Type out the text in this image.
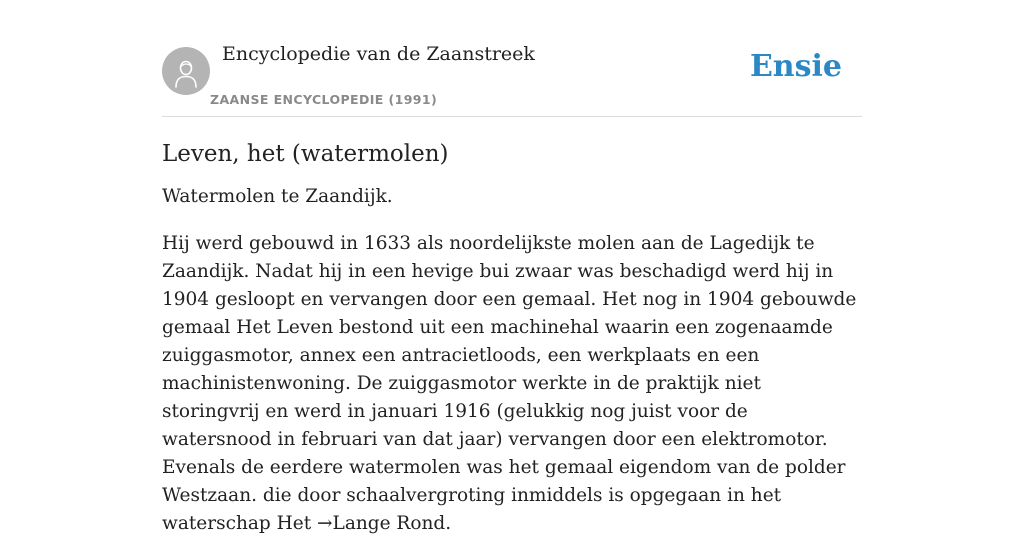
Encyclopedie van de Zaanstreek
ZAANSE ENCYCLOPEDIE (1991)
Ensie
Leven, het (watermolen)

Watermolen te Zaandijk.

Hij werd gebouwd in 1633 als noordelijkste molen aan de Lagedijk te Zaandijk. Nadat hij in een hevige bui zwaar was beschadigd werd hij in 1904 gesloopt en vervangen door een gemaal. Het nog in 1904 gebouwde gemaal Het Leven bestond uit een machinehal waarin een zogenaamde zuiggasmotor, annex een antracietloods, een werkplaats en een machinistenwoning. De zuiggasmotor werkte in de praktijk niet storingvrij en werd in januari 1916 (gelukkig nog juist voor de watersnood in februari van dat jaar) vervangen door een elektromotor. Evenals de eerdere watermolen was het gemaal eigendom van de polder Westzaan. die door schaalvergroting inmiddels is opgegaan in het waterschap Het →Lange Rond.
